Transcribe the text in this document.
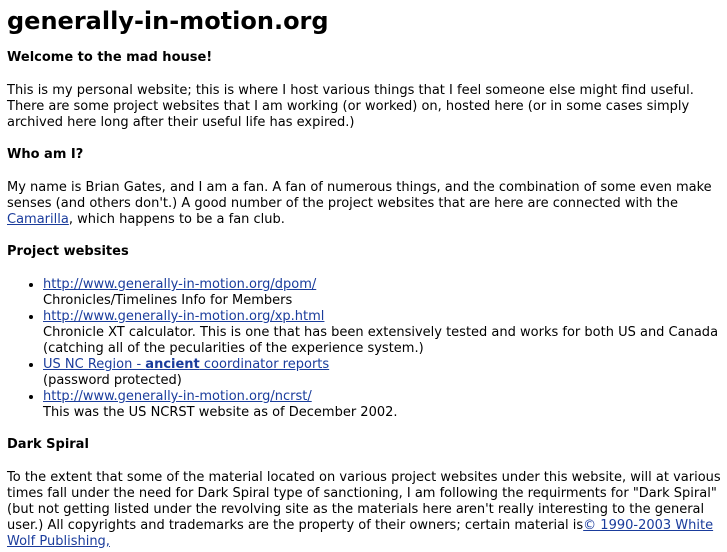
generally-in-motion.org
Welcome to the mad house!

This is my personal website; this is where I host various things that I feel someone else might find useful. There are some project websites that I am working (or worked) on, hosted here (or in some cases simply archived here long after their useful life has expired.)

Who am I?

My name is Brian Gates, and I am a fan. A fan of numerous things, and the combination of some even make senses (and others don't.) A good number of the project websites that are here are connected with the Camarilla, which happens to be a fan club.

Project websites
• http://www.generally-in-motion.org/dpom/
Chronicles/Timelines Info for Members
• http://www.generally-in-motion.org/xp.html
Chronicle XT calculator. This is one that has been extensively tested and works for both US and Canada (catching all of the pecularities of the experience system.)
• US NC Region - ancient coordinator reports
(password protected)
• http://www.generally-in-motion.org/ncrst/
This was the US NCRST website as of December 2002.
Dark Spiral

To the extent that some of the material located on various project websites under this website, will at various times fall under the need for Dark Spiral type of sanctioning, I am following the requirments for "Dark Spiral" (but not getting listed under the revolving site as the materials here aren't really interesting to the general user.) All copyrights and trademarks are the property of their owners; certain material is© 1990-2003 White Wolf Publishing,
